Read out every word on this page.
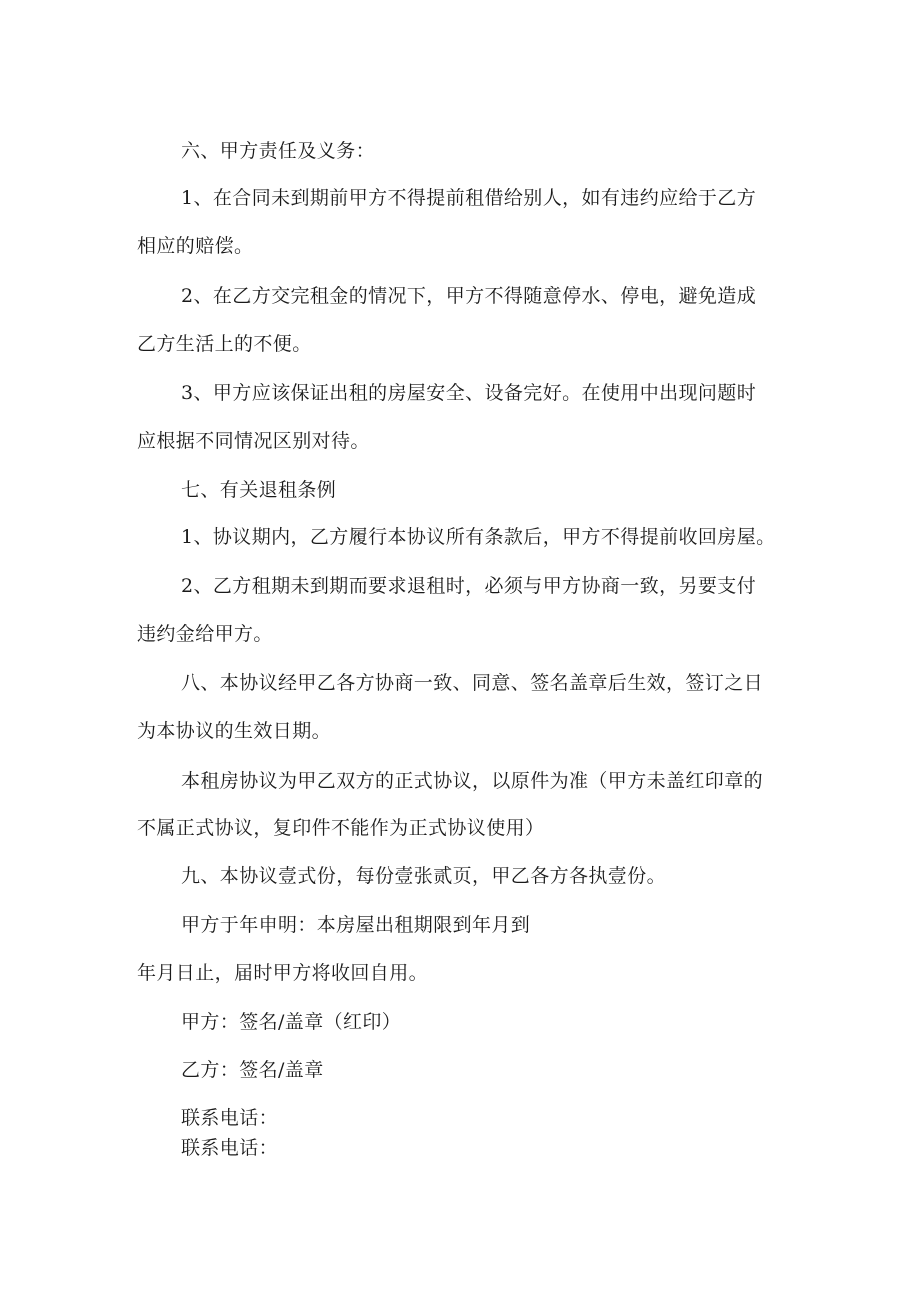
六、甲方责任及义务：
1、在合同未到期前甲方不得提前租借给别人，如有违约应给于乙方
相应的赔偿。
2、在乙方交完租金的情况下，甲方不得随意停水、停电，避免造成
乙方生活上的不便。
3、甲方应该保证出租的房屋安全、设备完好。在使用中出现问题时
应根据不同情况区别对待。
七、有关退租条例
1、协议期内，乙方履行本协议所有条款后，甲方不得提前收回房屋。
2、乙方租期未到期而要求退租时，必须与甲方协商一致，另要支付
违约金给甲方。
八、本协议经甲乙各方协商一致、同意、签名盖章后生效，签订之日
为本协议的生效日期。
本租房协议为甲乙双方的正式协议，以原件为准（甲方未盖红印章的
不属正式协议，复印件不能作为正式协议使用）
九、本协议壹式份，每份壹张贰页，甲乙各方各执壹份。
甲方于年申明：本房屋出租期限到年月到
年月日止，届时甲方将收回自用。
甲方：签名/盖章（红印）
乙方：签名/盖章
联系电话：
联系电话：
